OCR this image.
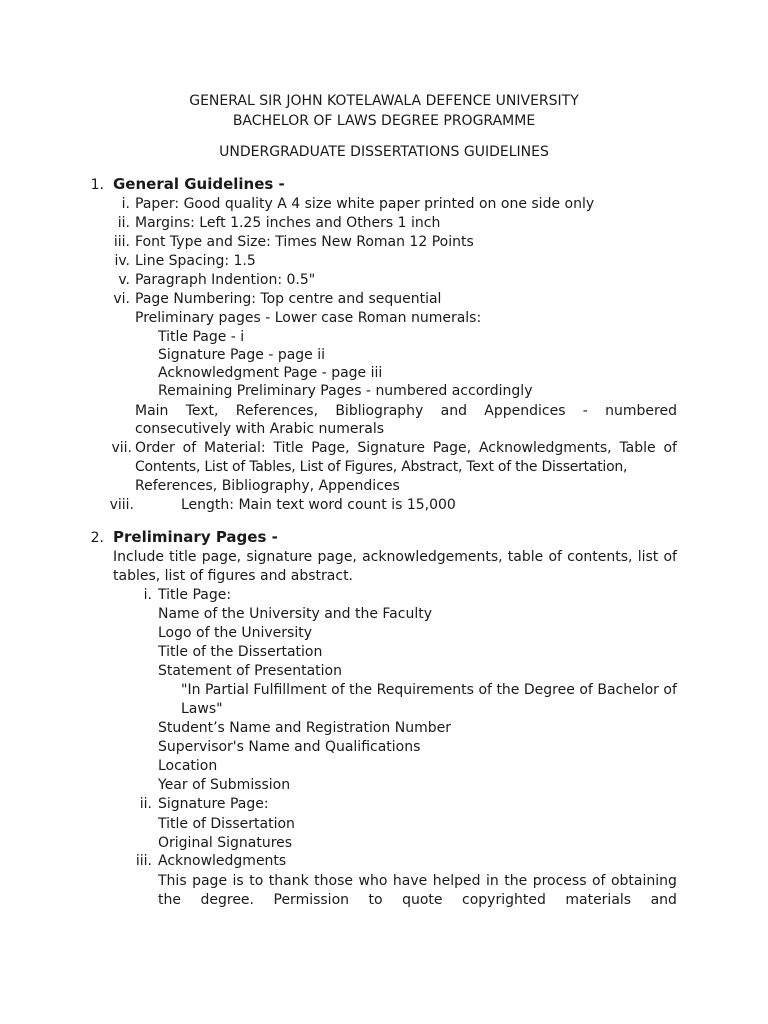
GENERAL SIR JOHN KOTELAWALA DEFENCE UNIVERSITY
BACHELOR OF LAWS DEGREE PROGRAMME
UNDERGRADUATE DISSERTATIONS GUIDELINES
1. General Guidelines -
i. Paper: Good quality A 4 size white paper printed on one side only
ii. Margins: Left 1.25 inches and Others 1 inch
iii. Font Type and Size: Times New Roman 12 Points
iv. Line Spacing: 1.5
v. Paragraph Indention: 0.5"
vi. Page Numbering: Top centre and sequential
Preliminary pages - Lower case Roman numerals:
Title Page - i
Signature Page - page ii
Acknowledgment Page - page iii
Remaining Preliminary Pages - numbered accordingly
Main Text, References, Bibliography and Appendices - numbered
consecutively with Arabic numerals
vii. Order of Material: Title Page, Signature Page, Acknowledgments, Table of
Contents, List of Tables, List of Figures, Abstract, Text of the Dissertation,
References, Bibliography, Appendices
viii.	Length: Main text word count is 15,000
2. Preliminary Pages -
Include title page, signature page, acknowledgements, table of contents, list of
tables, list of figures and abstract.
i. Title Page:
Name of the University and the Faculty
Logo of the University
Title of the Dissertation
Statement of Presentation
"In Partial Fulfillment of the Requirements of the Degree of Bachelor of
Laws"
Student’s Name and Registration Number
Supervisor's Name and Qualifications
Location
Year of Submission
ii. Signature Page:
Title of Dissertation
Original Signatures
iii. Acknowledgments
This page is to thank those who have helped in the process of obtaining
the degree. Permission to quote copyrighted materials and
